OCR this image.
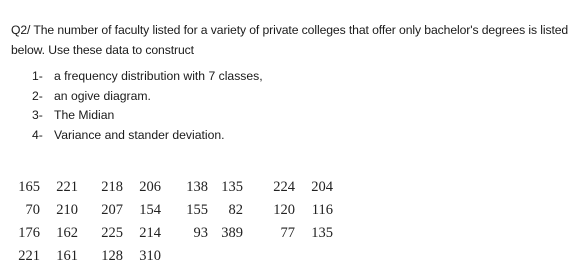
Q2/ The number of faculty listed for a variety of private colleges that offer only bachelor's degrees is listed below. Use these data to construct
1- a frequency distribution with 7 classes,
2- an ogive diagram.
3- The Midian
4- Variance and stander deviation.
165	221	218	206	138	135	224	204	
70	210	207	154	155	82	120	116	
176	162	225	214	93	389	77	135	
221	161	128	310					
